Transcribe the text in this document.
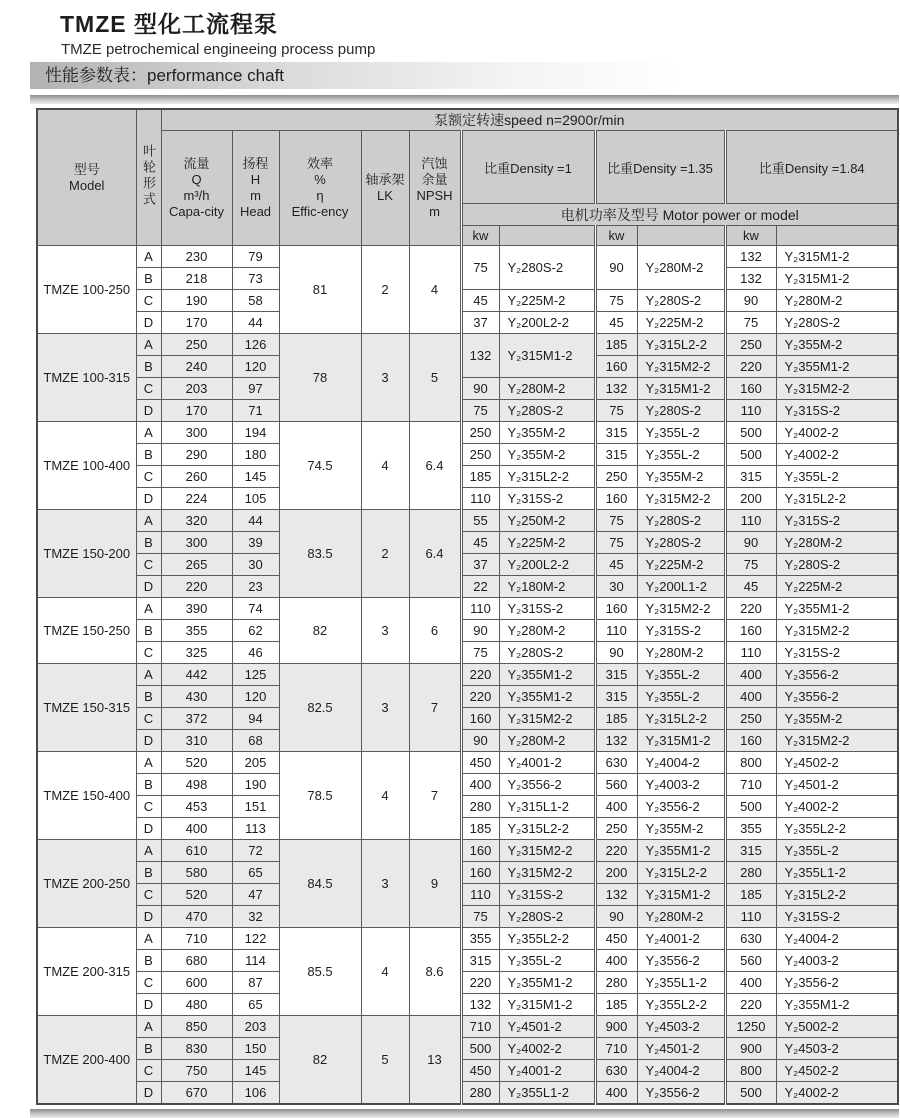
TMZE 型化工流程泵
TMZE petrochemical engineeing process pump
性能参数表：performance chaft
型号
Model	叶轮形式	泵额定转速speed n=2900r/min										

		流量
Q
m³/h
Capa-city	扬程
H
m
Head	效率
%
η
Effic-ency	轴承架
LK	汽蚀
余量
NPSH
m	比重Density =1		比重Density =1.35		比重Density =1.84	
							电机功率及型号 Motor power or model					
							kw		kw		kw	
TMZE 100-250	A	230	79	81	2	4	75	Y₂280S-2	90	Y₂280M-2	132	Y₂315M1-2
	B	218	73								132	Y₂315M1-2
	C	190	58				45	Y₂225M-2	75	Y₂280S-2	90	Y₂280M-2
	D	170	44				37	Y₂200L2-2	45	Y₂225M-2	75	Y₂280S-2
TMZE 100-315	A	250	126	78	3	5	132	Y₂315M1-2	185	Y₂315L2-2	250	Y₂355M-2
	B	240	120						160	Y₂315M2-2	220	Y₂355M1-2
	C	203	97				90	Y₂280M-2	132	Y₂315M1-2	160	Y₂315M2-2
	D	170	71				75	Y₂280S-2	75	Y₂280S-2	110	Y₂315S-2
TMZE 100-400	A	300	194	74.5	4	6.4	250	Y₂355M-2	315	Y₂355L-2	500	Y₂4002-2
	B	290	180				250	Y₂355M-2	315	Y₂355L-2	500	Y₂4002-2
	C	260	145				185	Y₂315L2-2	250	Y₂355M-2	315	Y₂355L-2
	D	224	105				110	Y₂315S-2	160	Y₂315M2-2	200	Y₂315L2-2
TMZE 150-200	A	320	44	83.5	2	6.4	55	Y₂250M-2	75	Y₂280S-2	110	Y₂315S-2
	B	300	39				45	Y₂225M-2	75	Y₂280S-2	90	Y₂280M-2
	C	265	30				37	Y₂200L2-2	45	Y₂225M-2	75	Y₂280S-2
	D	220	23				22	Y₂180M-2	30	Y₂200L1-2	45	Y₂225M-2
TMZE 150-250	A	390	74	82	3	6	110	Y₂315S-2	160	Y₂315M2-2	220	Y₂355M1-2
	B	355	62				90	Y₂280M-2	110	Y₂315S-2	160	Y₂315M2-2
	C	325	46				75	Y₂280S-2	90	Y₂280M-2	110	Y₂315S-2
TMZE 150-315	A	442	125	82.5	3	7	220	Y₂355M1-2	315	Y₂355L-2	400	Y₂3556-2
	B	430	120				220	Y₂355M1-2	315	Y₂355L-2	400	Y₂3556-2
	C	372	94				160	Y₂315M2-2	185	Y₂315L2-2	250	Y₂355M-2
	D	310	68				90	Y₂280M-2	132	Y₂315M1-2	160	Y₂315M2-2
TMZE 150-400	A	520	205	78.5	4	7	450	Y₂4001-2	630	Y₂4004-2	800	Y₂4502-2
	B	498	190				400	Y₂3556-2	560	Y₂4003-2	710	Y₂4501-2
	C	453	151				280	Y₂315L1-2	400	Y₂3556-2	500	Y₂4002-2
	D	400	113				185	Y₂315L2-2	250	Y₂355M-2	355	Y₂355L2-2
TMZE 200-250	A	610	72	84.5	3	9	160	Y₂315M2-2	220	Y₂355M1-2	315	Y₂355L-2
	B	580	65				160	Y₂315M2-2	200	Y₂315L2-2	280	Y₂355L1-2
	C	520	47				110	Y₂315S-2	132	Y₂315M1-2	185	Y₂315L2-2
	D	470	32				75	Y₂280S-2	90	Y₂280M-2	110	Y₂315S-2
TMZE 200-315	A	710	122	85.5	4	8.6	355	Y₂355L2-2	450	Y₂4001-2	630	Y₂4004-2
	B	680	114				315	Y₂355L-2	400	Y₂3556-2	560	Y₂4003-2
	C	600	87				220	Y₂355M1-2	280	Y₂355L1-2	400	Y₂3556-2
	D	480	65				132	Y₂315M1-2	185	Y₂355L2-2	220	Y₂355M1-2
TMZE 200-400	A	850	203	82	5	13	710	Y₂4501-2	900	Y₂4503-2	1250	Y₂5002-2
	B	830	150				500	Y₂4002-2	710	Y₂4501-2	900	Y₂4503-2
	C	750	145				450	Y₂4001-2	630	Y₂4004-2	800	Y₂4502-2
	D	670	106				280	Y₂355L1-2	400	Y₂3556-2	500	Y₂4002-2
